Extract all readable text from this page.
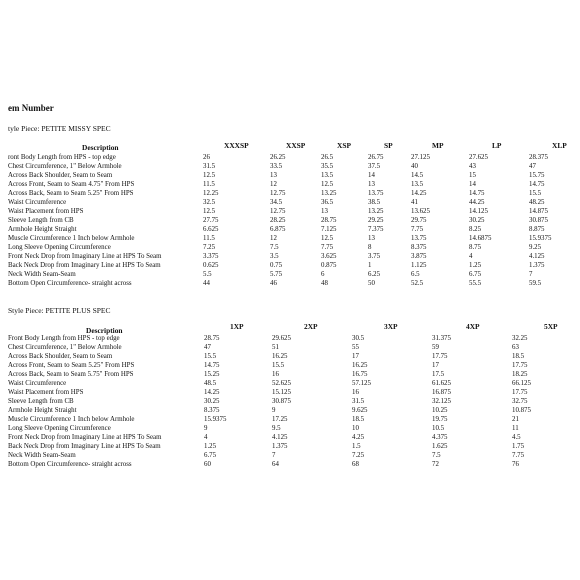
em Number
tyle Piece: PETITE MISSY SPEC
Description	XXXSP	XXSP	XSP	SP	MP	LP	XLP
ront Body Length from HPS - top edge	26	26.25	26.5	26.75	27.125	27.625	28.375
Chest Circumference, 1" Below Armhole	31.5	33.5	35.5	37.5	40	43	47
Across Back Shoulder, Seam to Seam	12.5	13	13.5	14	14.5	15	15.75
Across Front, Seam to Seam 4.75" From HPS	11.5	12	12.5	13	13.5	14	14.75
Across Back, Seam to Seam 5.25" From HPS	12.25	12.75	13.25	13.75	14.25	14.75	15.5
Waist Circumference	32.5	34.5	36.5	38.5	41	44.25	48.25
Waist Placement from HPS	12.5	12.75	13	13.25	13.625	14.125	14.875
Sleeve Length from CB	27.75	28.25	28.75	29.25	29.75	30.25	30.875
Armhole Height Straight	6.625	6.875	7.125	7.375	7.75	8.25	8.875
Muscle Circumference 1 Inch below Armhole	11.5	12	12.5	13	13.75	14.6875	15.9375
Long Sleeve Opening Circumference	7.25	7.5	7.75	8	8.375	8.75	9.25
Front Neck Drop from Imaginary Line at HPS To Seam	3.375	3.5	3.625	3.75	3.875	4	4.125
Back Neck Drop from Imaginary Line at HPS To Seam	0.625	0.75	0.875	1	1.125	1.25	1.375
Neck Width Seam-Seam	5.5	5.75	6	6.25	6.5	6.75	7
Bottom Open Circumference- straight across	44	46	48	50	52.5	55.5	59.5
Style Piece: PETITE PLUS SPEC
Description	1XP	2XP	3XP	4XP	5XP
Front Body Length from HPS - top edge	28.75	29.625	30.5	31.375	32.25
Chest Circumference, 1" Below Armhole	47	51	55	59	63
Across Back Shoulder, Seam to Seam	15.5	16.25	17	17.75	18.5
Across Front, Seam to Seam 5.25" From HPS	14.75	15.5	16.25	17	17.75
Across Back, Seam to Seam 5.75" From HPS	15.25	16	16.75	17.5	18.25
Waist Circumference	48.5	52.625	57.125	61.625	66.125
Waist Placement from HPS	14.25	15.125	16	16.875	17.75
Sleeve Length from CB	30.25	30.875	31.5	32.125	32.75
Armhole Height Straight	8.375	9	9.625	10.25	10.875
Muscle Circumference 1 Inch below Armhole	15.9375	17.25	18.5	19.75	21
Long Sleeve Opening Circumference	9	9.5	10	10.5	11
Front Neck Drop from Imaginary Line at HPS To Seam	4	4.125	4.25	4.375	4.5
Back Neck Drop from Imaginary Line at HPS To Seam	1.25	1.375	1.5	1.625	1.75
Neck Width Seam-Seam	6.75	7	7.25	7.5	7.75
Bottom Open Circumference- straight across	60	64	68	72	76
